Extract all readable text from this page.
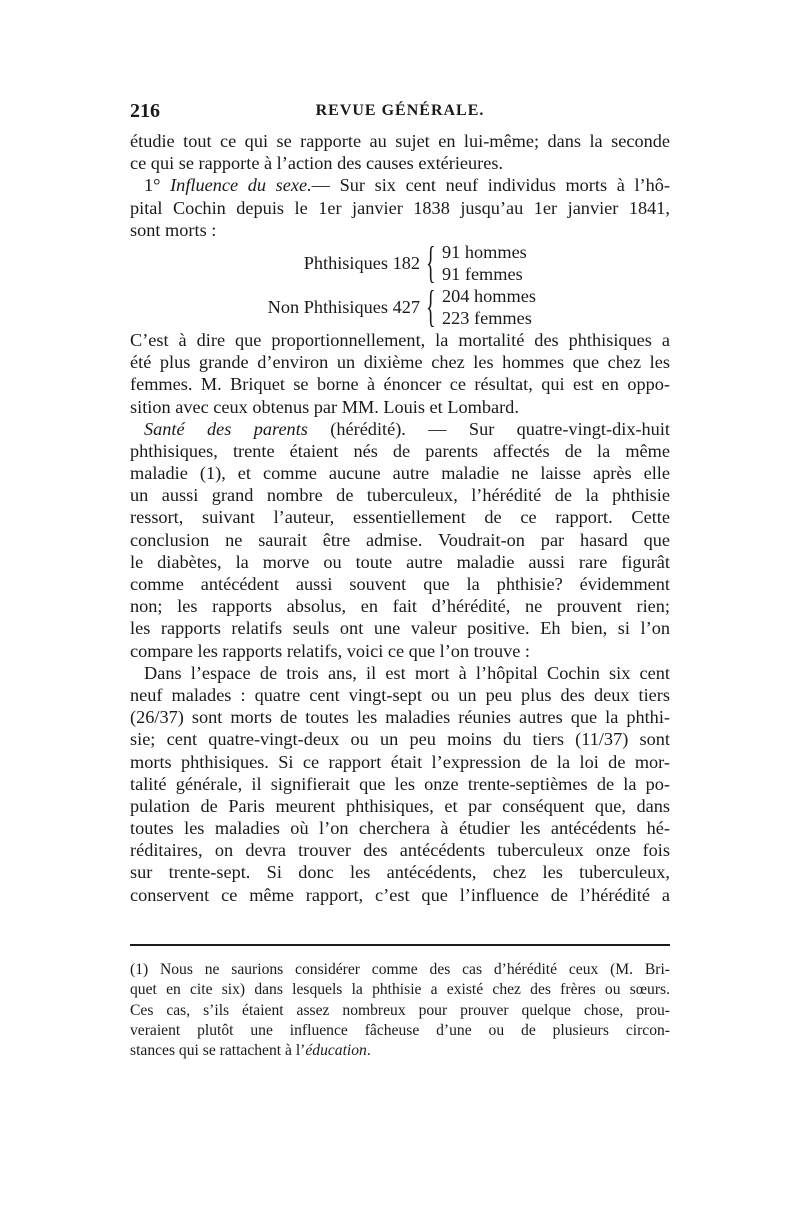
216	REVUE GÉNÉRALE.
étudie tout ce qui se rapporte au sujet en lui-même; dans la seconde
ce qui se rapporte à l’action des causes extérieures.
1° Influence du sexe.— Sur six cent neuf individus morts à l’hô-
pital Cochin depuis le 1er janvier 1838 jusqu’au 1er janvier 1841,
sont morts :
Phthisiques 182 { 91 hommes
91 femmes
Non Phthisiques 427 { 204 hommes
223 femmes
C’est à dire que proportionnellement, la mortalité des phthisiques a
été plus grande d’environ un dixième chez les hommes que chez les
femmes. M. Briquet se borne à énoncer ce résultat, qui est en oppo-
sition avec ceux obtenus par MM. Louis et Lombard.
Santé des parents (hérédité). — Sur quatre-vingt-dix-huit
phthisiques, trente étaient nés de parents affectés de la même
maladie (1), et comme aucune autre maladie ne laisse après elle
un aussi grand nombre de tuberculeux, l’hérédité de la phthisie
ressort, suivant l’auteur, essentiellement de ce rapport. Cette
conclusion ne saurait être admise. Voudrait-on par hasard que
le diabètes, la morve ou toute autre maladie aussi rare figurât
comme antécédent aussi souvent que la phthisie? évidemment
non; les rapports absolus, en fait d’hérédité, ne prouvent rien;
les rapports relatifs seuls ont une valeur positive. Eh bien, si l’on
compare les rapports relatifs, voici ce que l’on trouve :
Dans l’espace de trois ans, il est mort à l’hôpital Cochin six cent
neuf malades : quatre cent vingt-sept ou un peu plus des deux tiers
(26/37) sont morts de toutes les maladies réunies autres que la phthi-
sie; cent quatre-vingt-deux ou un peu moins du tiers (11/37) sont
morts phthisiques. Si ce rapport était l’expression de la loi de mor-
talité générale, il signifierait que les onze trente-septièmes de la po-
pulation de Paris meurent phthisiques, et par conséquent que, dans
toutes les maladies où l’on cherchera à étudier les antécédents hé-
réditaires, on devra trouver des antécédents tuberculeux onze fois
sur trente-sept. Si donc les antécédents, chez les tuberculeux,
conservent ce même rapport, c’est que l’influence de l’hérédité a
(1) Nous ne saurions considérer comme des cas d’hérédité ceux (M. Bri-
quet en cite six) dans lesquels la phthisie a existé chez des frères ou sœurs.
Ces cas, s’ils étaient assez nombreux pour prouver quelque chose, prou-
veraient plutôt une influence fâcheuse d’une ou de plusieurs circon-
stances qui se rattachent à l’éducation.
